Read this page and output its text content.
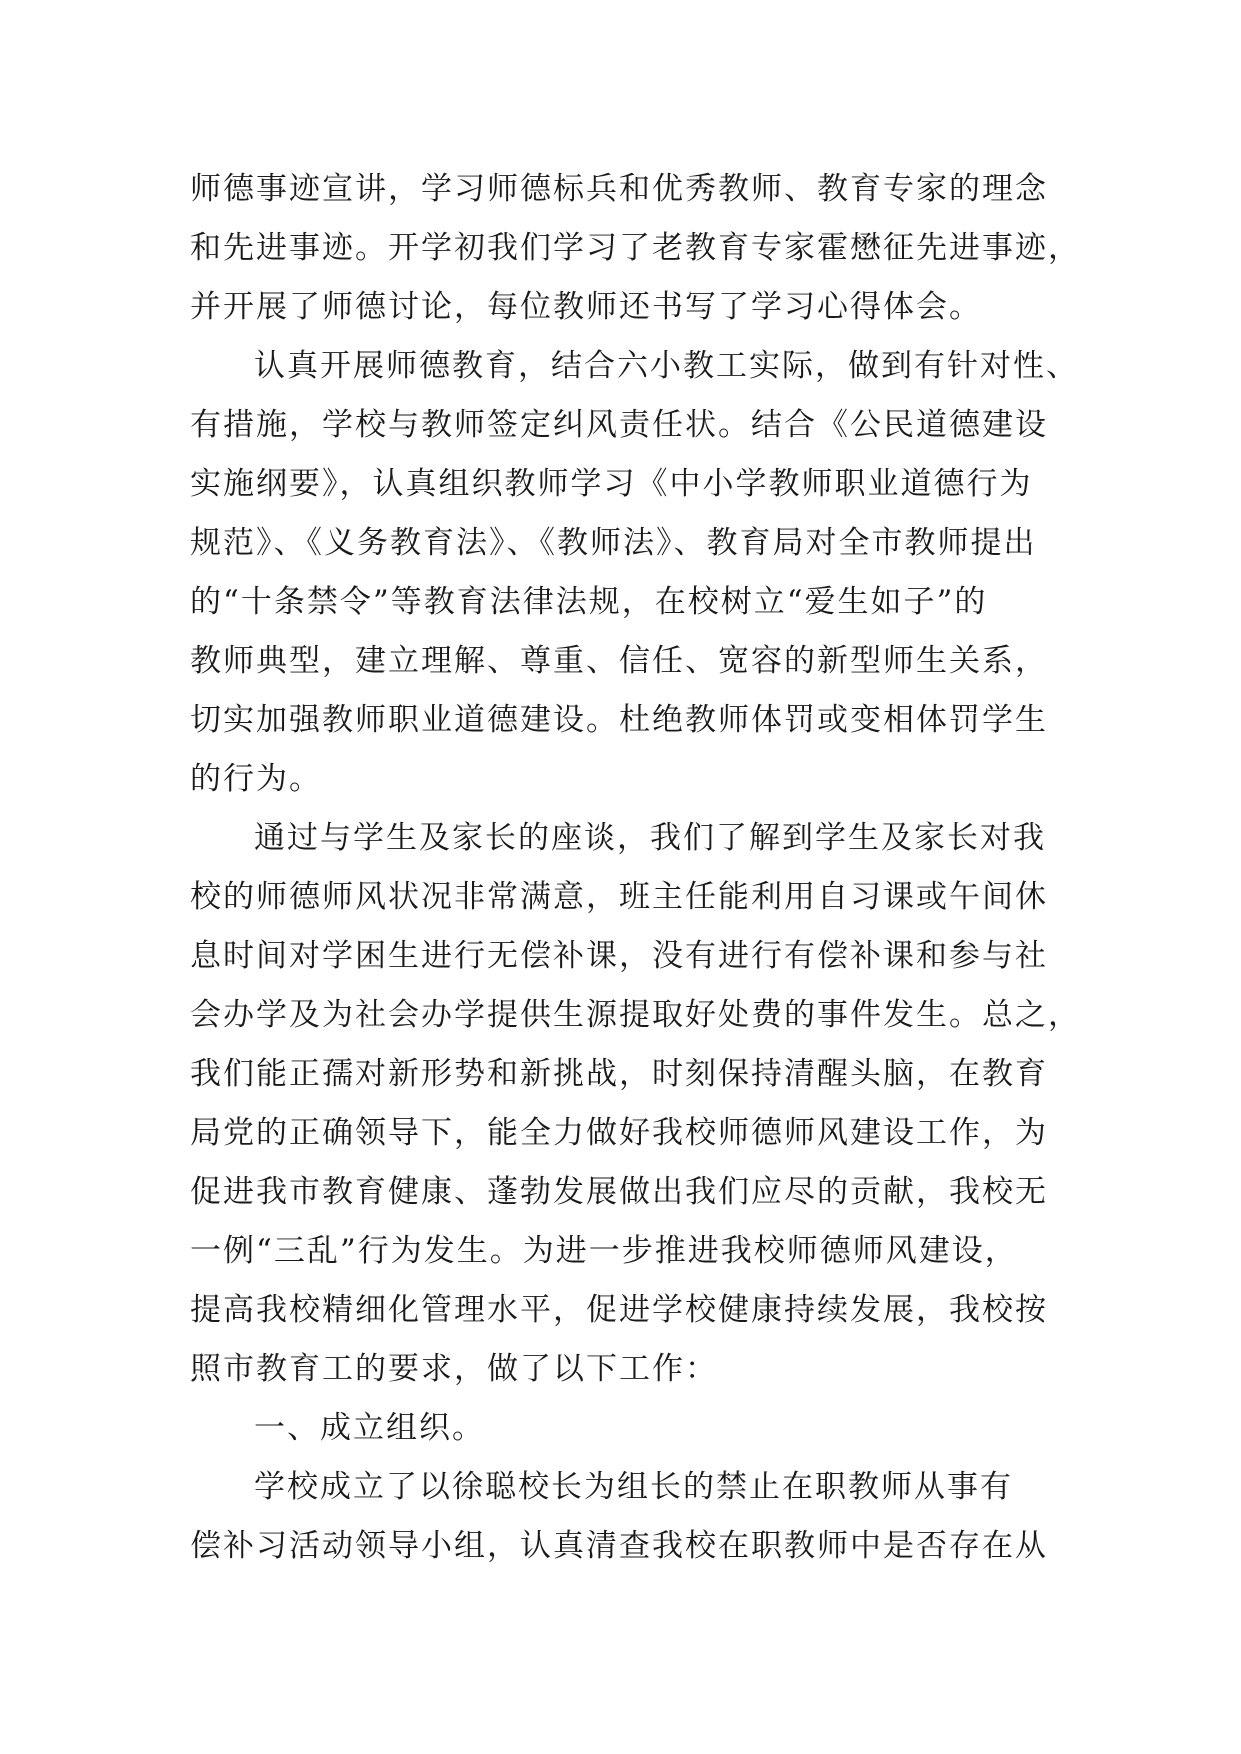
师德事迹宣讲，学习师德标兵和优秀教师、教育专家的理念
和先进事迹。开学初我们学习了老教育专家霍懋征先进事迹，
并开展了师德讨论，每位教师还书写了学习心得体会。
认真开展师德教育，结合六小教工实际，做到有针对性、
有措施，学校与教师签定纠风责任状。结合《公民道德建设
实施纲要》，认真组织教师学习《中小学教师职业道德行为
规范》、《义务教育法》、《教师法》、教育局对全市教师提出
的“十条禁令”等教育法律法规，在校树立“爱生如子”的
教师典型，建立理解、尊重、信任、宽容的新型师生关系，
切实加强教师职业道德建设。杜绝教师体罚或变相体罚学生
的行为。
通过与学生及家长的座谈，我们了解到学生及家长对我
校的师德师风状况非常满意，班主任能利用自习课或午间休
息时间对学困生进行无偿补课，没有进行有偿补课和参与社
会办学及为社会办学提供生源提取好处费的事件发生。总之，
我们能正孺对新形势和新挑战，时刻保持清醒头脑，在教育
局党的正确领导下，能全力做好我校师德师风建设工作，为
促进我市教育健康、蓬勃发展做出我们应尽的贡献，我校无
一例“三乱”行为发生。为进一步推进我校师德师风建设，
提高我校精细化管理水平，促进学校健康持续发展，我校按
照市教育工的要求，做了以下工作：
一、成立组织。
学校成立了以徐聪校长为组长的禁止在职教师从事有
偿补习活动领导小组，认真清查我校在职教师中是否存在从
